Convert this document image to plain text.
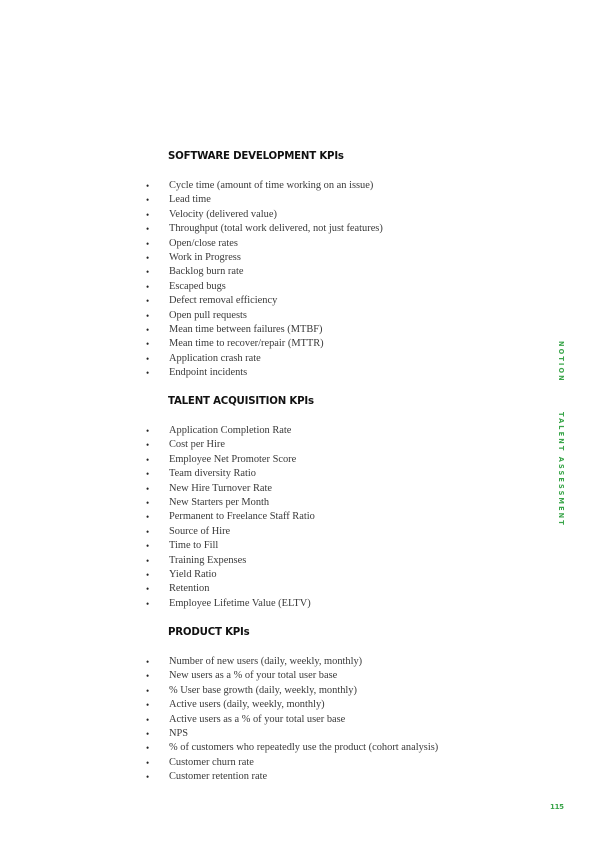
SOFTWARE DEVELOPMENT KPIs
•	Cycle time (amount of time working on an issue)
•	Lead time
•	Velocity (delivered value)
•	Throughput (total work delivered, not just features)
•	Open/close rates
•	Work in Progress
•	Backlog burn rate
•	Escaped bugs
•	Defect removal efficiency
•	Open pull requests
•	Mean time between failures (MTBF)
•	Mean time to recover/repair (MTTR)
•	Application crash rate
•	Endpoint incidents
TALENT ACQUISITION KPIs
•	Application Completion Rate
•	Cost per Hire
•	Employee Net Promoter Score
•	Team diversity Ratio
•	New Hire Turnover Rate
•	New Starters per Month
•	Permanent to Freelance Staff Ratio
•	Source of Hire
•	Time to Fill
•	Training Expenses
•	Yield Ratio
•	Retention
•	Employee Lifetime Value (ELTV)
PRODUCT KPIs
•	Number of new users (daily, weekly, monthly)
•	New users as a % of your total user base
•	% User base growth (daily, weekly, monthly)
•	Active users (daily, weekly, monthly)
•	Active users as a % of your total user base
•	NPS
•	% of customers who repeatedly use the product (cohort analysis)
•	Customer churn rate
•	Customer retention rate
NOTION
TALENT ASSESSMENT
115
